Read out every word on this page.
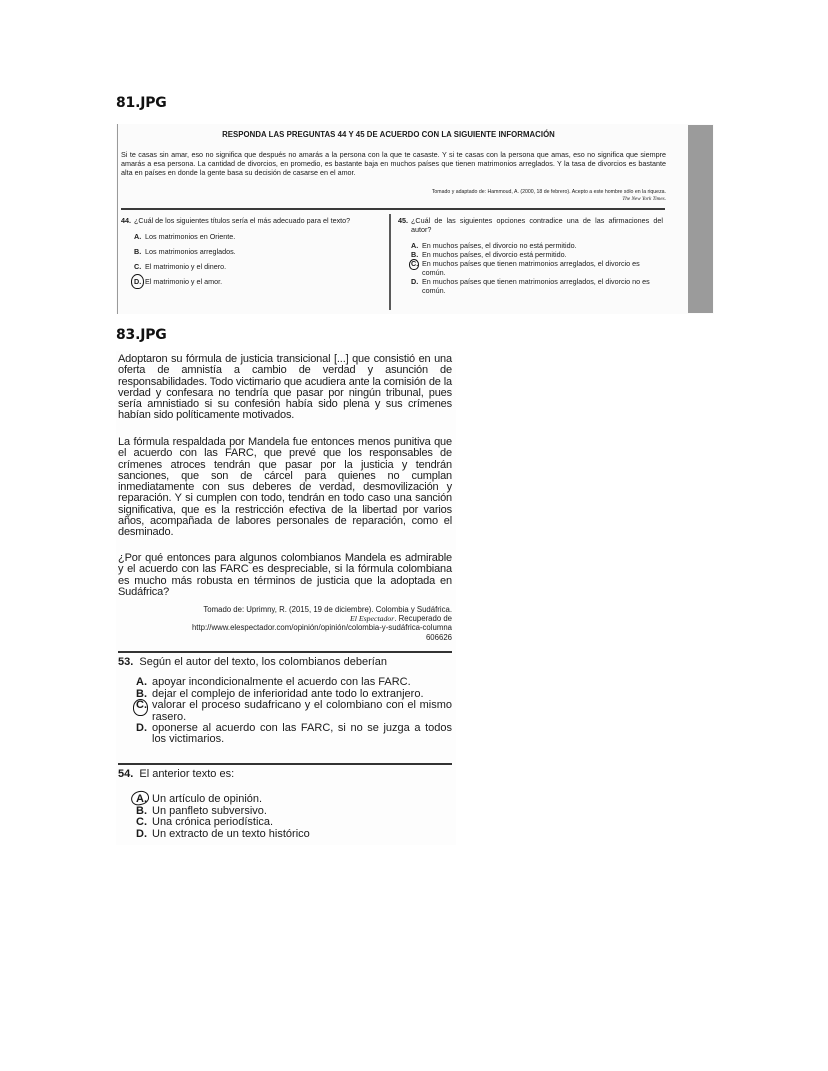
81.JPG
RESPONDA LAS PREGUNTAS 44 Y 45 DE ACUERDO CON LA SIGUIENTE INFORMACIÓN
Si te casas sin amar, eso no significa que después no amarás a la persona con la que te casaste. Y si te casas con la persona que amas, eso no significa que siempre amarás a esa persona. La cantidad de divorcios, en promedio, es bastante baja en muchos países que tienen matrimonios arreglados. Y la tasa de divorcios es bastante alta en países en donde la gente basa su decisión de casarse en el amor.
Tomado y adaptado de: Hammoud, A. (2000, 18 de febrero). Acepto a este hombre sólo en la riqueza.
The New York Times.
44. ¿Cuál de los siguientes títulos sería el más adecuado para el texto?
A. Los matrimonios en Oriente.
B. Los matrimonios arreglados.
C. El matrimonio y el dinero.
D. El matrimonio y el amor.
45. ¿Cuál de las siguientes opciones contradice una de las afirmaciones del autor?
A. En muchos países, el divorcio no está permitido.
B. En muchos países, el divorcio está permitido.
C. En muchos países que tienen matrimonios arreglados, el divorcio es común.
D. En muchos países que tienen matrimonios arreglados, el divorcio no es común.
83.JPG
Adoptaron su fórmula de justicia transicional [...] que consistió en una oferta de amnistía a cambio de verdad y asunción de responsabilidades. Todo victimario que acudiera ante la comisión de la verdad y confesara no tendría que pasar por ningún tribunal, pues sería amnistiado si su confesión había sido plena y sus crímenes habían sido políticamente motivados.
La fórmula respaldada por Mandela fue entonces menos punitiva que el acuerdo con las FARC, que prevé que los responsables de crímenes atroces tendrán que pasar por la justicia y tendrán sanciones, que son de cárcel para quienes no cumplan inmediatamente con sus deberes de verdad, desmovilización y reparación. Y si cumplen con todo, tendrán en todo caso una sanción significativa, que es la restricción efectiva de la libertad por varios años, acompañada de labores personales de reparación, como el desminado.
¿Por qué entonces para algunos colombianos Mandela es admirable y el acuerdo con las FARC es despreciable, si la fórmula colombiana es mucho más robusta en términos de justicia que la adoptada en Sudáfrica?
Tomado de: Uprimny, R. (2015, 19 de diciembre). Colombia y Sudáfrica.
El Espectador. Recuperado de
http://www.elespectador.com/opinión/opinión/colombia-y-sudáfrica-columna
606626
53. Según el autor del texto, los colombianos deberían
A. apoyar incondicionalmente el acuerdo con las FARC.
B. dejar el complejo de inferioridad ante todo lo extranjero.
C. valorar el proceso sudafricano y el colombiano con el mismo rasero.
D. oponerse al acuerdo con las FARC, si no se juzga a todos los victimarios.
54. El anterior texto es:
A. Un artículo de opinión.
B. Un panfleto subversivo.
C. Una crónica periodística.
D. Un extracto de un texto histórico
